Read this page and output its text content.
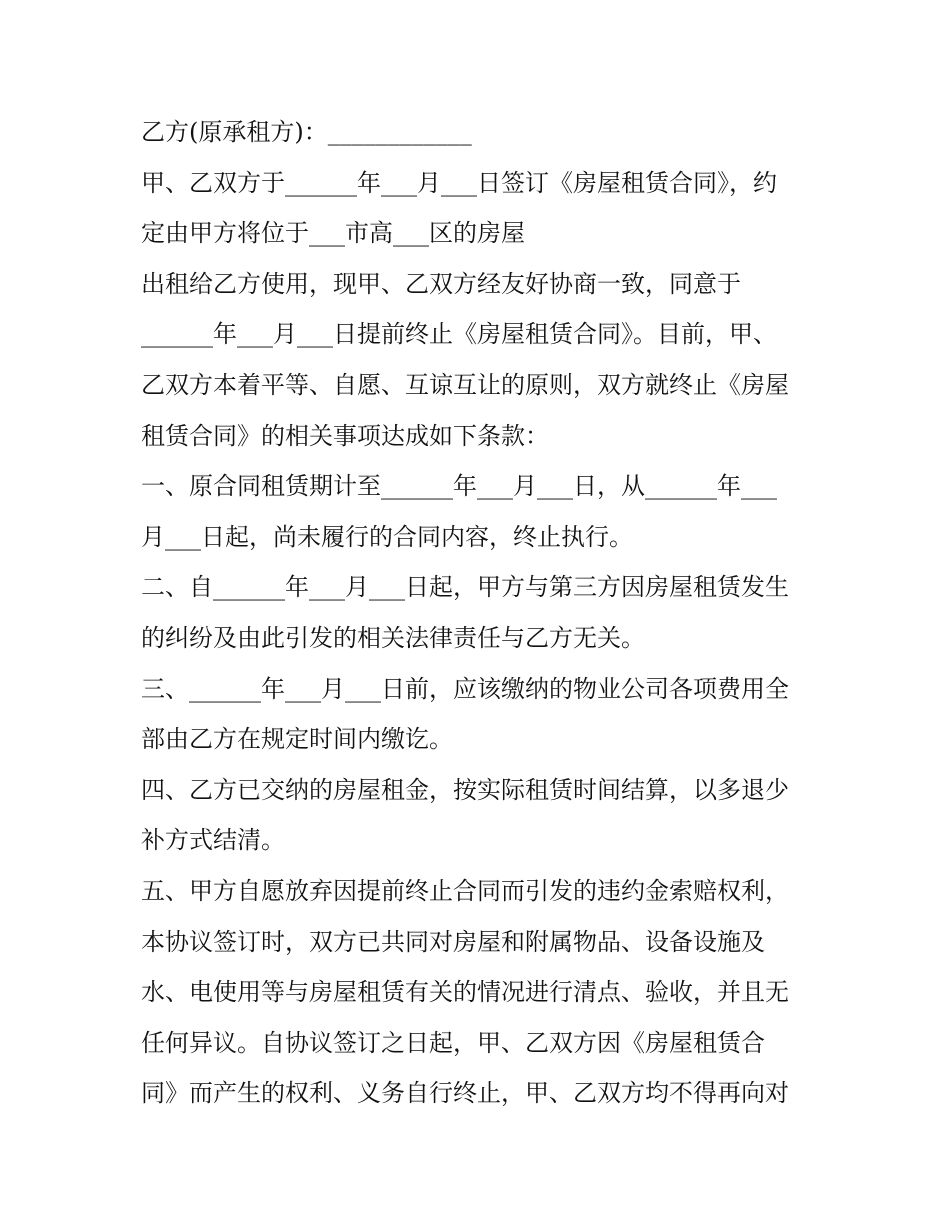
乙方(原承租方)：____________
甲、乙双方于______年___月___日签订《房屋租赁合同》，约
定由甲方将位于___市高___区的房屋
出租给乙方使用，现甲、乙双方经友好协商一致，同意于
______年___月___日提前终止《房屋租赁合同》。目前，甲、
乙双方本着平等、自愿、互谅互让的原则，双方就终止《房屋
租赁合同》的相关事项达成如下条款：
一、原合同租赁期计至______年___月___日，从______年___
月___日起，尚未履行的合同内容，终止执行。
二、自______年___月___日起，甲方与第三方因房屋租赁发生
的纠纷及由此引发的相关法律责任与乙方无关。
三、______年___月___日前，应该缴纳的物业公司各项费用全
部由乙方在规定时间内缴讫。
四、乙方已交纳的房屋租金，按实际租赁时间结算，以多退少
补方式结清。
五、甲方自愿放弃因提前终止合同而引发的违约金索赔权利，
本协议签订时，双方已共同对房屋和附属物品、设备设施及
水、电使用等与房屋租赁有关的情况进行清点、验收，并且无
任何异议。自协议签订之日起，甲、乙双方因《房屋租赁合
同》而产生的权利、义务自行终止，甲、乙双方均不得再向对
